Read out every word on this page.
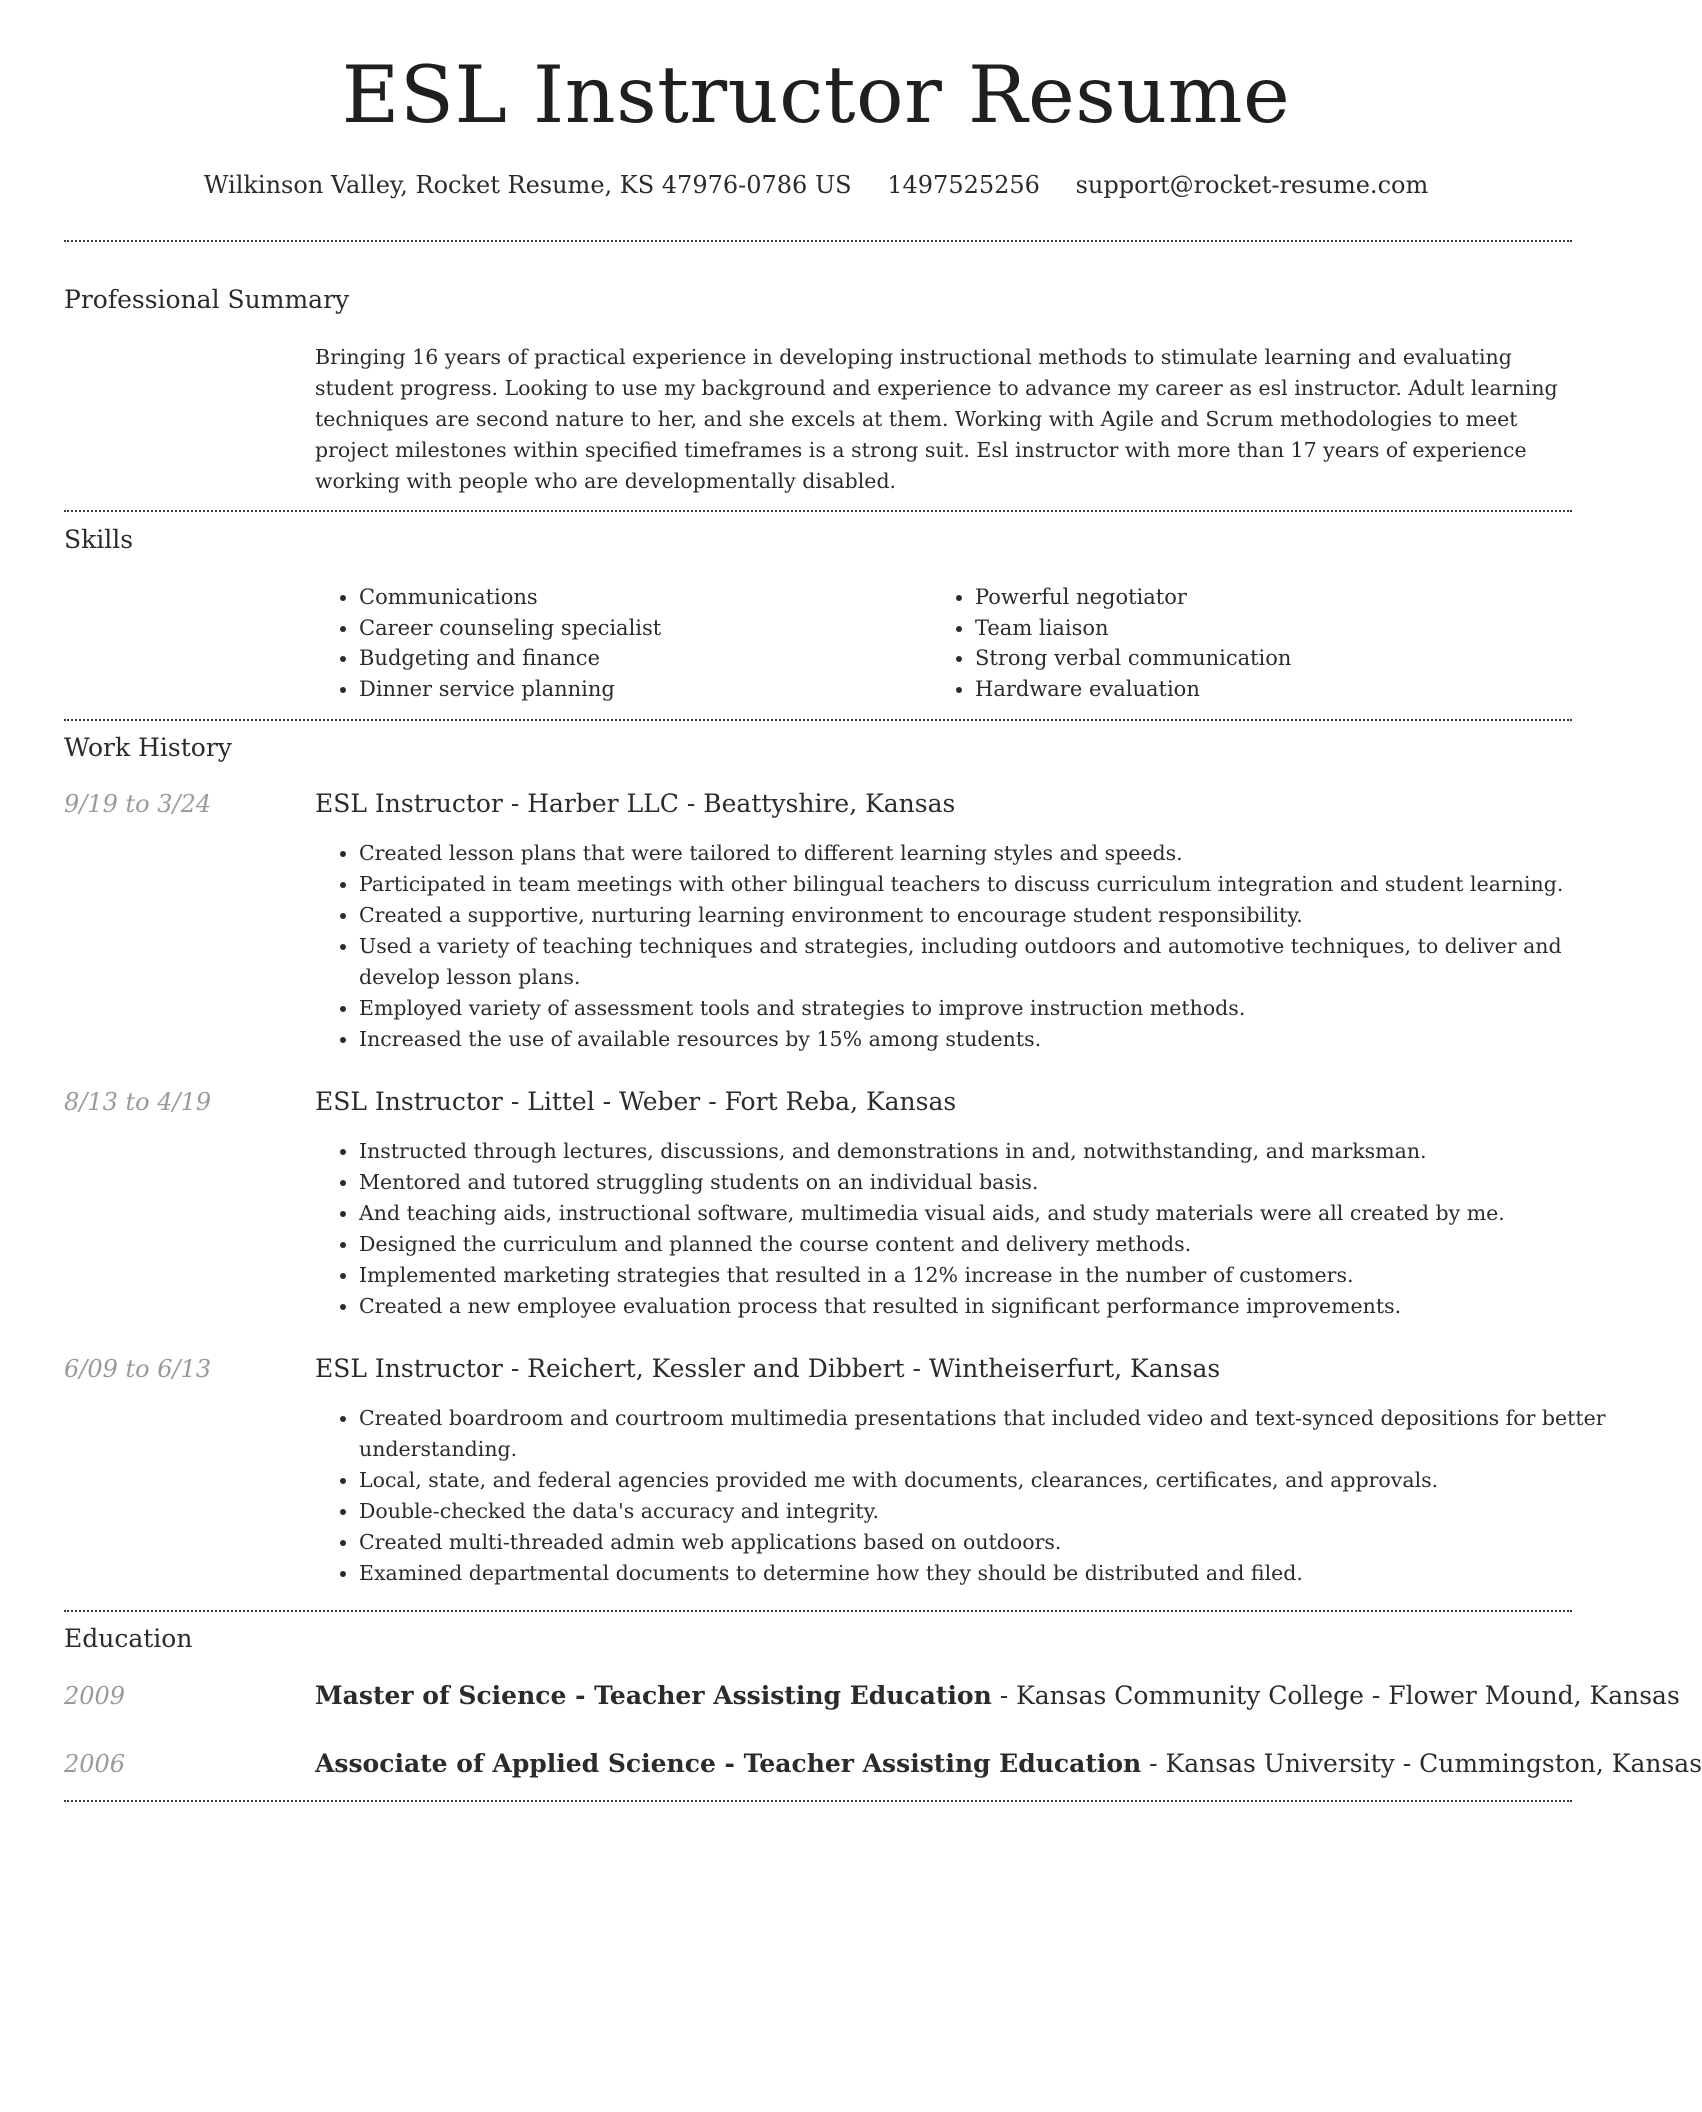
ESL Instructor Resume
Wilkinson Valley, Rocket Resume, KS 47976-0786 US 1497525256 support@rocket-resume.com
Professional Summary

Bringing 16 years of practical experience in developing instructional methods to stimulate learning and evaluating student progress. Looking to use my background and experience to advance my career as esl instructor. Adult learning techniques are second nature to her, and she excels at them. Working with Agile and Scrum methodologies to meet project milestones within specified timeframes is a strong suit. Esl instructor with more than 17 years of experience working with people who are developmentally disabled.

Skills
• Communications
• Career counseling specialist
• Budgeting and finance
• Dinner service planning
• Powerful negotiator
• Team liaison
• Strong verbal communication
• Hardware evaluation
Work History
9/19 to 3/24	ESL Instructor - Harber LLC - Beattyshire, Kansas
• Created lesson plans that were tailored to different learning styles and speeds.
• Participated in team meetings with other bilingual teachers to discuss curriculum integration and student learning.
• Created a supportive, nurturing learning environment to encourage student responsibility.
• Used a variety of teaching techniques and strategies, including outdoors and automotive techniques, to deliver and develop lesson plans.
• Employed variety of assessment tools and strategies to improve instruction methods.
• Increased the use of available resources by 15% among students.
8/13 to 4/19	ESL Instructor - Littel - Weber - Fort Reba, Kansas
• Instructed through lectures, discussions, and demonstrations in and, notwithstanding, and marksman.
• Mentored and tutored struggling students on an individual basis.
• And teaching aids, instructional software, multimedia visual aids, and study materials were all created by me.
• Designed the curriculum and planned the course content and delivery methods.
• Implemented marketing strategies that resulted in a 12% increase in the number of customers.
• Created a new employee evaluation process that resulted in significant performance improvements.
6/09 to 6/13	ESL Instructor - Reichert, Kessler and Dibbert - Wintheiserfurt, Kansas
• Created boardroom and courtroom multimedia presentations that included video and text-synced depositions for better understanding.
• Local, state, and federal agencies provided me with documents, clearances, certificates, and approvals.
• Double-checked the data's accuracy and integrity.
• Created multi-threaded admin web applications based on outdoors.
• Examined departmental documents to determine how they should be distributed and filed.
Education
2009	Master of Science - Teacher Assisting Education - Kansas Community College - Flower Mound, Kansas
2006	Associate of Applied Science - Teacher Assisting Education - Kansas University - Cummingston, Kansas
